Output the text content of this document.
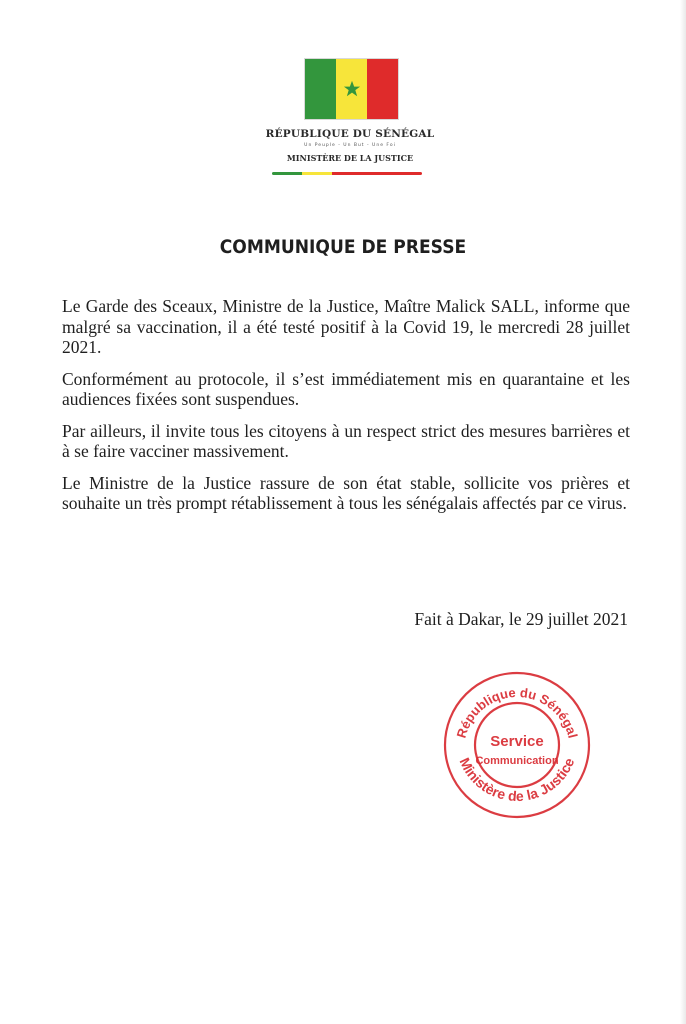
RÉPUBLIQUE DU SÉNÉGAL
Un Peuple - Un But - Une Foi
MINISTÈRE DE LA JUSTICE
COMMUNIQUE DE PRESSE

Le Garde des Sceaux, Ministre de la Justice, Maître Malick SALL, informe que malgré sa vaccination, il a été testé positif à la Covid 19, le mercredi 28 juillet 2021.

Conformément au protocole, il s’est immédiatement mis en quarantaine et les audiences fixées sont suspendues.

Par ailleurs, il invite tous les citoyens à un respect strict des mesures barrières et à se faire vacciner massivement.

Le Ministre de la Justice rassure de son état stable, sollicite vos prières et souhaite un très prompt rétablissement à tous les sénégalais affectés par ce virus.

Fait à Dakar, le 29 juillet 2021
République du Sénégal
Ministère de la Justice
Service
Communication
